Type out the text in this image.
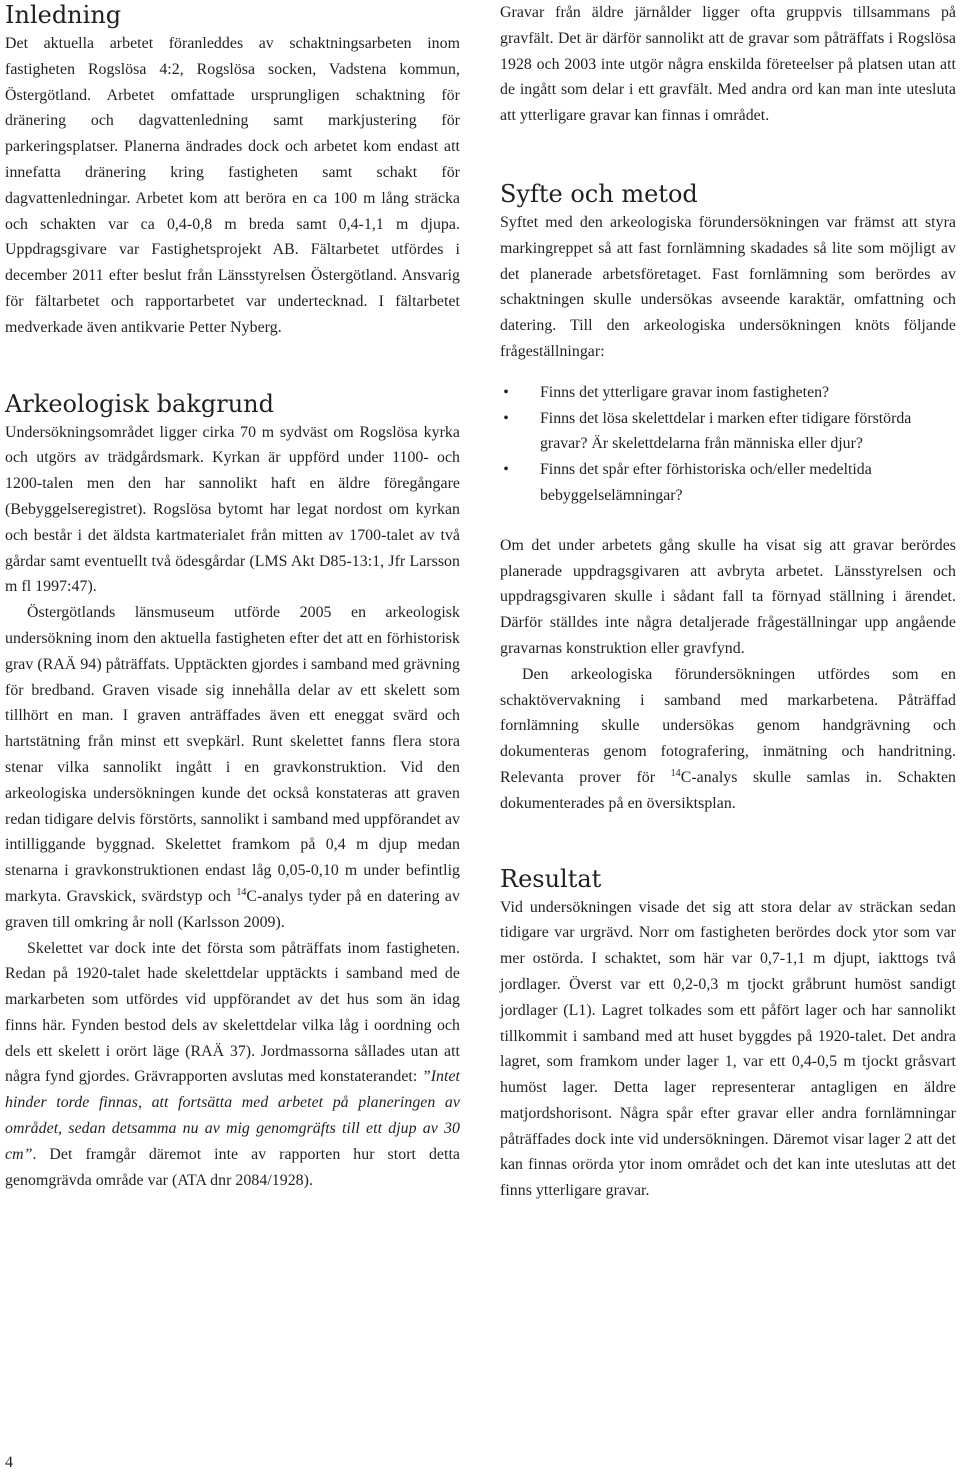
Inledning

Det aktuella arbetet föranleddes av schaktningsarbeten inom fastigheten Rogslösa 4:2, Rogslösa socken, Vadstena kommun, Östergötland. Arbetet omfattade ursprungligen schaktning för dränering och dagvattenledning samt markjustering för parkeringsplatser. Planerna ändrades dock och arbetet kom endast att innefatta dränering kring fastigheten samt schakt för dagvattenledningar. Arbetet kom att beröra en ca 100 m lång sträcka och schakten var ca 0,4-0,8 m breda samt 0,4-1,1 m djupa. Uppdragsgivare var Fastighetsprojekt AB. Fältarbetet utfördes i december 2011 efter beslut från Länsstyrelsen Östergötland. Ansvarig för fältarbetet och rapportarbetet var undertecknad. I fältarbetet medverkade även antikvarie Petter Nyberg.

Arkeologisk bakgrund

Undersökningsområdet ligger cirka 70 m sydväst om Rogslösa kyrka och utgörs av trädgårdsmark. Kyrkan är uppförd under 1100- och 1200-talen men den har sannolikt haft en äldre föregångare (Bebyggelseregistret). Rogslösa bytomt har legat nordost om kyrkan och består i det äldsta kartmaterialet från mitten av 1700-talet av två gårdar samt eventuellt två ödesgårdar (LMS Akt D85-13:1, Jfr Larsson m fl 1997:47).

Östergötlands länsmuseum utförde 2005 en arkeologisk undersökning inom den aktuella fastigheten efter det att en förhistorisk grav (RAÄ 94) påträffats. Upptäckten gjordes i samband med grävning för bredband. Graven visade sig innehålla delar av ett skelett som tillhört en man. I graven anträffades även ett eneggat svärd och hartstätning från minst ett svepkärl. Runt skelettet fanns flera stora stenar vilka sannolikt ingått i en gravkonstruktion. Vid den arkeologiska undersökningen kunde det också konstateras att graven redan tidigare delvis förstörts, sannolikt i samband med uppförandet av intilliggande byggnad. Skelettet framkom på 0,4 m djup medan stenarna i gravkonstruktionen endast låg 0,05-0,10 m under befintlig markyta. Gravskick, svärdstyp och $^{14}$C-analys tyder på en datering av graven till omkring år noll (Karlsson 2009).

Skelettet var dock inte det första som påträffats inom fastigheten. Redan på 1920-talet hade skelettdelar upptäckts i samband med de markarbeten som utfördes vid uppförandet av det hus som än idag finns här. Fynden bestod dels av skelettdelar vilka låg i oordning och dels ett skelett i orört läge (RAÄ 37). Jordmassorna sållades utan att några fynd gjordes. Grävrapporten avslutas med konstaterandet: ”Intet hinder torde finnas, att fortsätta med arbetet på planeringen av området, sedan detsamma nu av mig genomgräfts till ett djup av 30 cm”. Det framgår däremot inte av rapporten hur stort detta genomgrävda område var (ATA dnr 2084/1928).

Gravar från äldre järnålder ligger ofta gruppvis tillsammans på gravfält. Det är därför sannolikt att de gravar som påträffats i Rogslösa 1928 och 2003 inte utgör några enskilda företeelser på platsen utan att de ingått som delar i ett gravfält. Med andra ord kan man inte utesluta att ytterligare gravar kan finnas i området.

Syfte och metod

Syftet med den arkeologiska förundersökningen var främst att styra markingreppet så att fast fornlämning skadades så lite som möjligt av det planerade arbetsföretaget. Fast fornlämning som berördes av schaktningen skulle undersökas avseende karaktär, omfattning och datering. Till den arkeologiska undersökningen knöts följande frågeställningar:

• Finns det ytterligare gravar inom fastigheten?
• Finns det lösa skelettdelar i marken efter tidigare förstörda gravar? Är skelettdelarna från människa eller djur?
• Finns det spår efter förhistoriska och/eller medeltida bebyggelselämningar?

Om det under arbetets gång skulle ha visat sig att gravar berördes planerade uppdragsgivaren att avbryta arbetet. Länsstyrelsen och uppdragsgivaren skulle i sådant fall ta förnyad ställning i ärendet. Därför ställdes inte några detaljerade frågeställningar upp angående gravarnas konstruktion eller gravfynd.

Den arkeologiska förundersökningen utfördes som en schaktövervakning i samband med markarbetena. Påträffad fornlämning skulle undersökas genom handgrävning och dokumenteras genom fotografering, inmätning och handritning. Relevanta prover för $^{14}$C-analys skulle samlas in. Schakten dokumenterades på en översiktsplan.

Resultat

Vid undersökningen visade det sig att stora delar av sträckan sedan tidigare var urgrävd. Norr om fastigheten berördes dock ytor som var mer ostörda. I schaktet, som här var 0,7-1,1 m djupt, iakttogs två jordlager. Överst var ett 0,2-0,3 m tjockt gråbrunt humöst sandigt jordlager (L1). Lagret tolkades som ett påfört lager och har sannolikt tillkommit i samband med att huset byggdes på 1920-talet. Det andra lagret, som framkom under lager 1, var ett 0,4-0,5 m tjockt gråsvart humöst lager. Detta lager representerar antagligen en äldre matjordshorisont. Några spår efter gravar eller andra fornlämningar påträffades dock inte vid undersökningen. Däremot visar lager 2 att det kan finnas orörda ytor inom området och det kan inte uteslutas att det finns ytterligare gravar.

4
